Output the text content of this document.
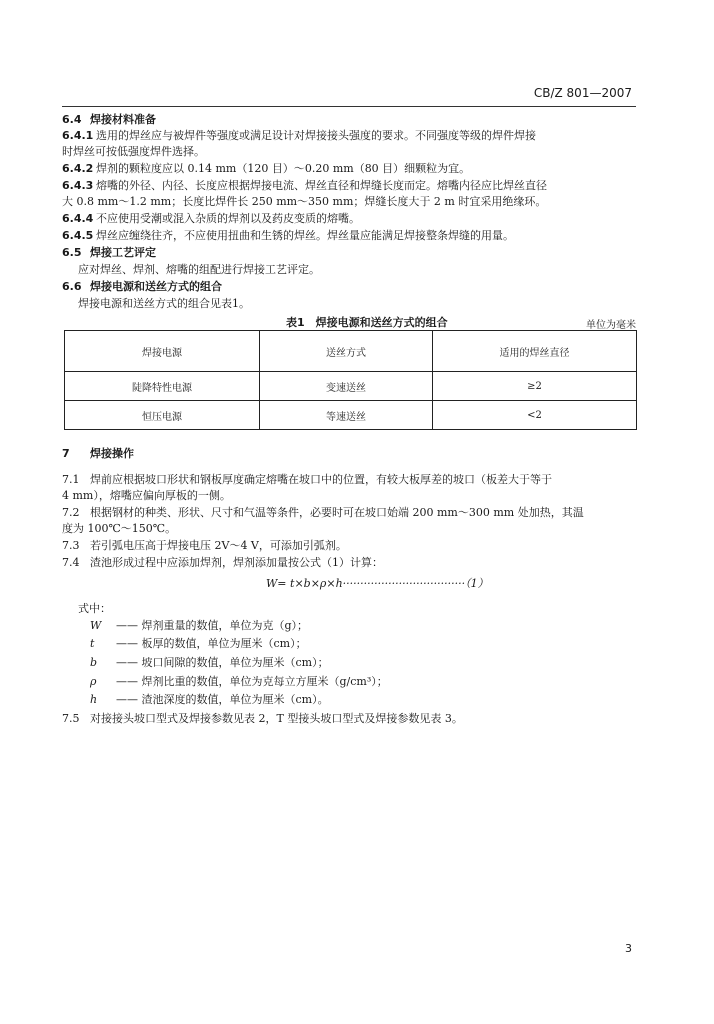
CB/Z 801—2007
6.4 焊接材料准备
6.4.1 选用的焊丝应与被焊件等强度或满足设计对焊接接头强度的要求。不同强度等级的焊件焊接
时焊丝可按低强度焊件选择。
6.4.2 焊剂的颗粒度应以 0.14 mm（120 目）～0.20 mm（80 目）细颗粒为宜。
6.4.3 熔嘴的外径、内径、长度应根据焊接电流、焊丝直径和焊缝长度而定。熔嘴内径应比焊丝直径
大 0.8 mm～1.2 mm；长度比焊件长 250 mm～350 mm；焊缝长度大于 2 m 时宜采用绝缘环。
6.4.4 不应使用受潮或混入杂质的焊剂以及药皮变质的熔嘴。
6.4.5 焊丝应缠绕往齐，不应使用扭曲和生锈的焊丝。焊丝量应能满足焊接整条焊缝的用量。
6.5 焊接工艺评定
应对焊丝、焊剂、熔嘴的组配进行焊接工艺评定。
6.6 焊接电源和送丝方式的组合
焊接电源和送丝方式的组合见表1。
表1　焊接电源和送丝方式的组合	单位为毫米
焊接电源	送丝方式	适用的焊丝直径
陡降特性电源	变速送丝	≥2
恒压电源	等速送丝	<2
7 焊接操作
7.1 焊前应根据坡口形状和钢板厚度确定熔嘴在坡口中的位置，有较大板厚差的坡口（板差大于等于
4 mm），熔嘴应偏向厚板的一侧。
7.2 根据钢材的种类、形状、尺寸和气温等条件，必要时可在坡口始端 200 mm～300 mm 处加热，其温
度为 100℃～150℃。
7.3 若引弧电压高于焊接电压 2V～4 V，可添加引弧剂。
7.4 渣池形成过程中应添加焊剂，焊剂添加量按公式（1）计算：
W= t×b×ρ×h···································（1）
式中：
W —— 焊剂重量的数值，单位为克（g）；
t —— 板厚的数值，单位为厘米（cm）；
b —— 坡口间隙的数值，单位为厘米（cm）；
ρ —— 焊剂比重的数值，单位为克每立方厘米（g/cm³）；
h —— 渣池深度的数值，单位为厘米（cm）。
7.5 对接接头坡口型式及焊接参数见表 2，T 型接头坡口型式及焊接参数见表 3。
3
